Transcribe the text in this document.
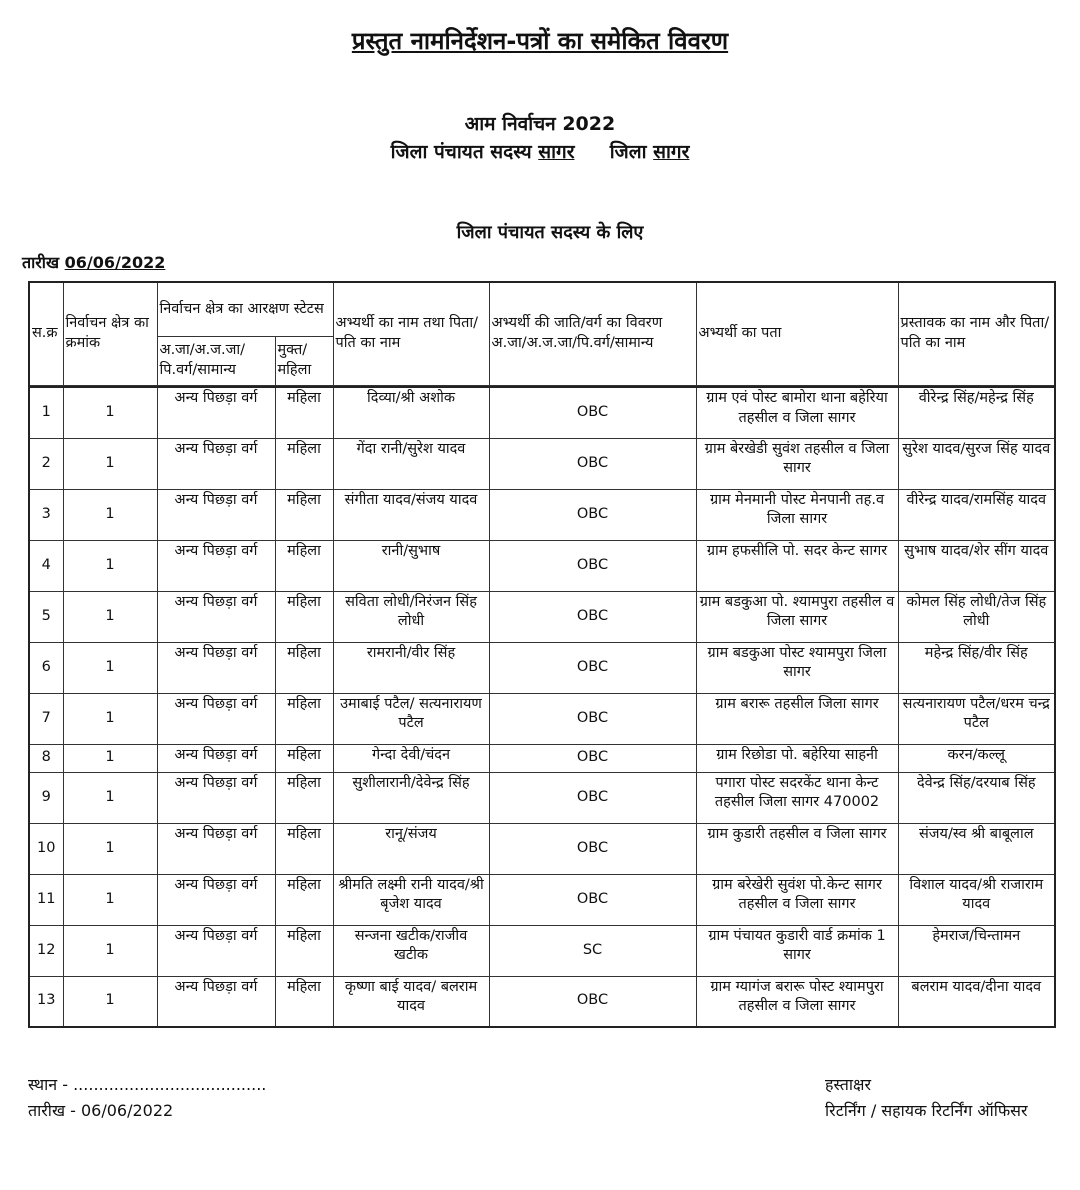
प्रस्तुत नामनिर्देशन-पत्रों का समेकित विवरण
आम निर्वाचन 2022
जिला पंचायत सदस्य सागर जिला सागर
जिला पंचायत सदस्य के लिए
तारीख 06/06/2022
स.क्र	निर्वाचन क्षेत्र का क्रमांक	निर्वाचन क्षेत्र का आरक्षण स्टेटस		अभ्यर्थी का नाम तथा पिता/पति का नाम	अभ्यर्थी की जाति/वर्ग का विवरण अ.जा/अ.ज.जा/पि.वर्ग/सामान्य	अभ्यर्थी का पता	प्रस्तावक का नाम और पिता/पति का नाम
		अ.जा/अ.ज.जा/ पि.वर्ग/सामान्य	मुक्त/ महिला				

1	1	अन्य पिछड़ा वर्ग	महिला	दिव्या/श्री अशोक	OBC	ग्राम एवं पोस्ट बामोरा थाना बहेरिया तहसील व जिला सागर	वीरेन्द्र सिंह/महेन्द्र सिंह
2	1	अन्य पिछड़ा वर्ग	महिला	गेंदा रानी/सुरेश यादव	OBC	ग्राम बेरखेडी सुवंश तहसील व जिला सागर	सुरेश यादव/सुरज सिंह यादव
3	1	अन्य पिछड़ा वर्ग	महिला	संगीता यादव/संजय यादव	OBC	ग्राम मेनमानी पोस्ट मेनपानी तह.व जिला सागर	वीरेन्द्र यादव/रामसिंह यादव
4	1	अन्य पिछड़ा वर्ग	महिला	रानी/सुभाष	OBC	ग्राम हफसीलि पो. सदर केन्ट सागर	सुभाष यादव/शेर सींग यादव
5	1	अन्य पिछड़ा वर्ग	महिला	सविता लोधी/निरंजन सिंह लोधी	OBC	ग्राम बडकुआ पो. श्यामपुरा तहसील व जिला सागर	कोमल सिंह लोधी/तेज सिंह लोधी
6	1	अन्य पिछड़ा वर्ग	महिला	रामरानी/वीर सिंह	OBC	ग्राम बडकुआ पोस्ट श्यामपुरा जिला सागर	महेन्द्र सिंह/वीर सिंह
7	1	अन्य पिछड़ा वर्ग	महिला	उमाबाई पटैल/ सत्यनारायण पटैल	OBC	ग्राम बरारू तहसील जिला सागर	सत्यनारायण पटैल/धरम चन्द्र पटैल
8	1	अन्य पिछड़ा वर्ग	महिला	गेन्दा देवी/चंदन	OBC	ग्राम रिछोडा पो. बहेरिया साहनी	करन/कल्लू
9	1	अन्य पिछड़ा वर्ग	महिला	सुशीलारानी/देवेन्द्र सिंह	OBC	पगारा पोस्ट सदरकेंट थाना केन्ट तहसील जिला सागर 470002	देवेन्द्र सिंह/दरयाब सिंह
10	1	अन्य पिछड़ा वर्ग	महिला	रानू/संजय	OBC	ग्राम कुडारी तहसील व जिला सागर	संजय/स्व श्री बाबूलाल
11	1	अन्य पिछड़ा वर्ग	महिला	श्रीमति लक्ष्मी रानी यादव/श्री बृजेश यादव	OBC	ग्राम बरेखेरी सुवंश पो.केन्ट सागर तहसील व जिला सागर	विशाल यादव/श्री राजाराम यादव
12	1	अन्य पिछड़ा वर्ग	महिला	सन्जना खटीक/राजीव खटीक	SC	ग्राम पंचायत कुडारी वार्ड क्रमांक 1 सागर	हेमराज/चिन्तामन
13	1	अन्य पिछड़ा वर्ग	महिला	कृष्णा बाई यादव/ बलराम यादव	OBC	ग्राम ग्यागंज बरारू पोस्ट श्यामपुरा तहसील व जिला सागर	बलराम यादव/दीना यादव
स्थान - ......................................
तारीख - 06/06/2022
हस्ताक्षर
रिटर्निंग / सहायक रिटर्निंग ऑफिसर
